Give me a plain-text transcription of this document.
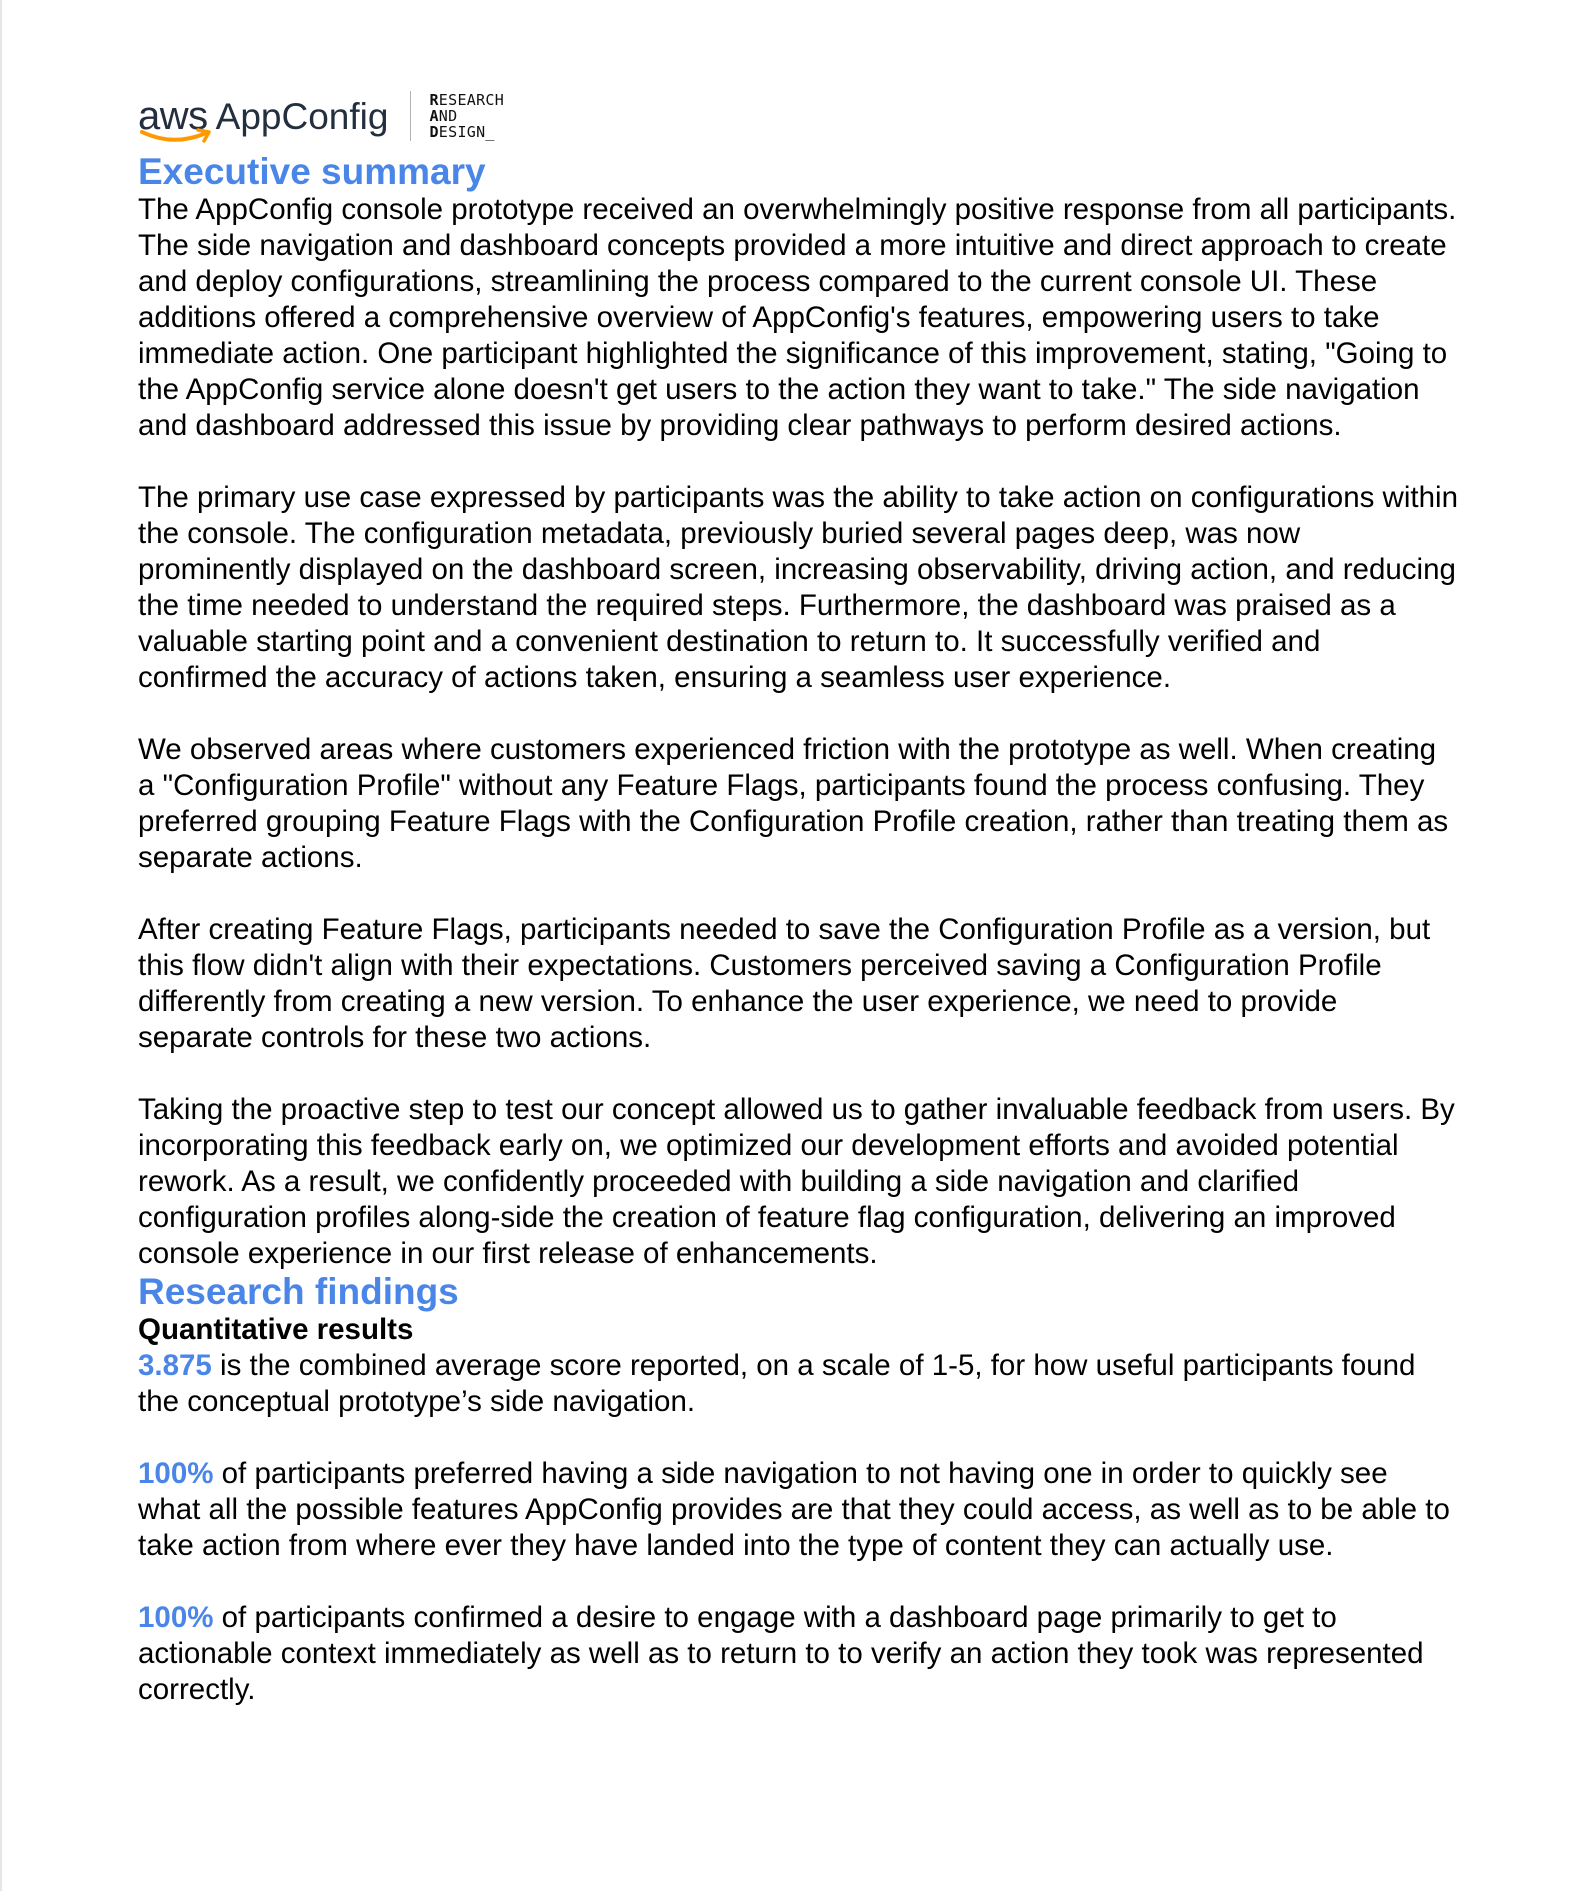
aws AppConfig	RESEARCH
AND
DESIGN_
Executive summary

The AppConfig console prototype received an overwhelmingly positive response from all participants. The side navigation and dashboard concepts provided a more intuitive and direct approach to create and deploy configurations, streamlining the process compared to the current console UI. These additions offered a comprehensive overview of AppConfig's features, empowering users to take immediate action. One participant highlighted the significance of this improvement, stating, "Going to the AppConfig service alone doesn't get users to the action they want to take." The side navigation and dashboard addressed this issue by providing clear pathways to perform desired actions.

The primary use case expressed by participants was the ability to take action on configurations within the console. The configuration metadata, previously buried several pages deep, was now prominently displayed on the dashboard screen, increasing observability, driving action, and reducing the time needed to understand the required steps. Furthermore, the dashboard was praised as a valuable starting point and a convenient destination to return to. It successfully verified and confirmed the accuracy of actions taken, ensuring a seamless user experience.

We observed areas where customers experienced friction with the prototype as well. When creating a "Configuration Profile" without any Feature Flags, participants found the process confusing. They preferred grouping Feature Flags with the Configuration Profile creation, rather than treating them as separate actions.

After creating Feature Flags, participants needed to save the Configuration Profile as a version, but this flow didn't align with their expectations. Customers perceived saving a Configuration Profile differently from creating a new version. To enhance the user experience, we need to provide separate controls for these two actions.

Taking the proactive step to test our concept allowed us to gather invaluable feedback from users. By incorporating this feedback early on, we optimized our development efforts and avoided potential rework. As a result, we confidently proceeded with building a side navigation and clarified configuration profiles along-side the creation of feature flag configuration, delivering an improved console experience in our first release of enhancements.

Research findings
Quantitative results

3.875 is the combined average score reported, on a scale of 1-5, for how useful participants found the conceptual prototype’s side navigation.

100% of participants preferred having a side navigation to not having one in order to quickly see what all the possible features AppConfig provides are that they could access, as well as to be able to take action from where ever they have landed into the type of content they can actually use.

100% of participants confirmed a desire to engage with a dashboard page primarily to get to actionable context immediately as well as to return to to verify an action they took was represented correctly.
